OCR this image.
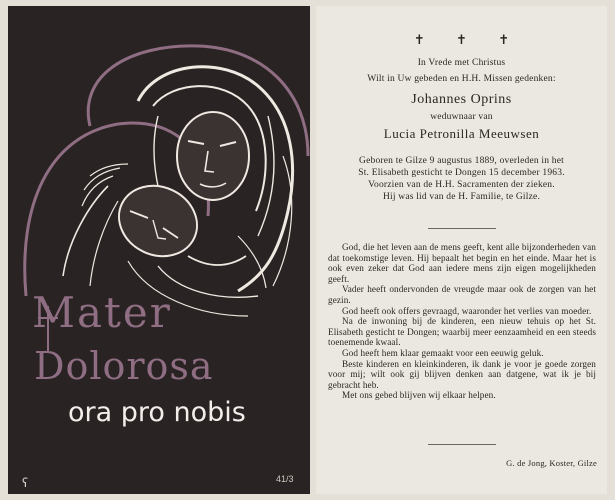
Mater
Dolorosa
ora pro nobis
41/3
ʕ
✝ ✝ ✝
In Vrede met Christus
Wilt in Uw gebeden en H.H. Missen gedenken:
Johannes Oprins
weduwnaar van
Lucia Petronilla Meeuwsen
Geboren te Gilze 9 augustus 1889, overleden in het
St. Elisabeth gesticht te Dongen 15 december 1963.
Voorzien van de H.H. Sacramenten der zieken.
Hij was lid van de H. Familie, te Gilze.

God, die het leven aan de mens geeft, kent alle bijzonderheden van dat toekomstige leven. Hij bepaalt het begin en het einde. Maar het is ook even zeker dat God aan iedere mens zijn eigen mogelijkheden geeft.

Vader heeft ondervonden de vreugde maar ook de zorgen van het gezin.

God heeft ook offers gevraagd, waaronder het verlies van moeder.

Na de inwoning bij de kinderen, een nieuw tehuis op het St. Elisabeth gesticht te Dongen; waarbij meer eenzaamheid en een steeds toenemende kwaal.

God heeft hem klaar gemaakt voor een eeuwig geluk.

Beste kinderen en kleinkinderen, ik dank je voor je goede zorgen voor mij; wilt ook gij blijven denken aan datgene, wat ik je bij gebracht heb.

Met ons gebed blijven wij elkaar helpen.

G. de Jong, Koster, Gilze
